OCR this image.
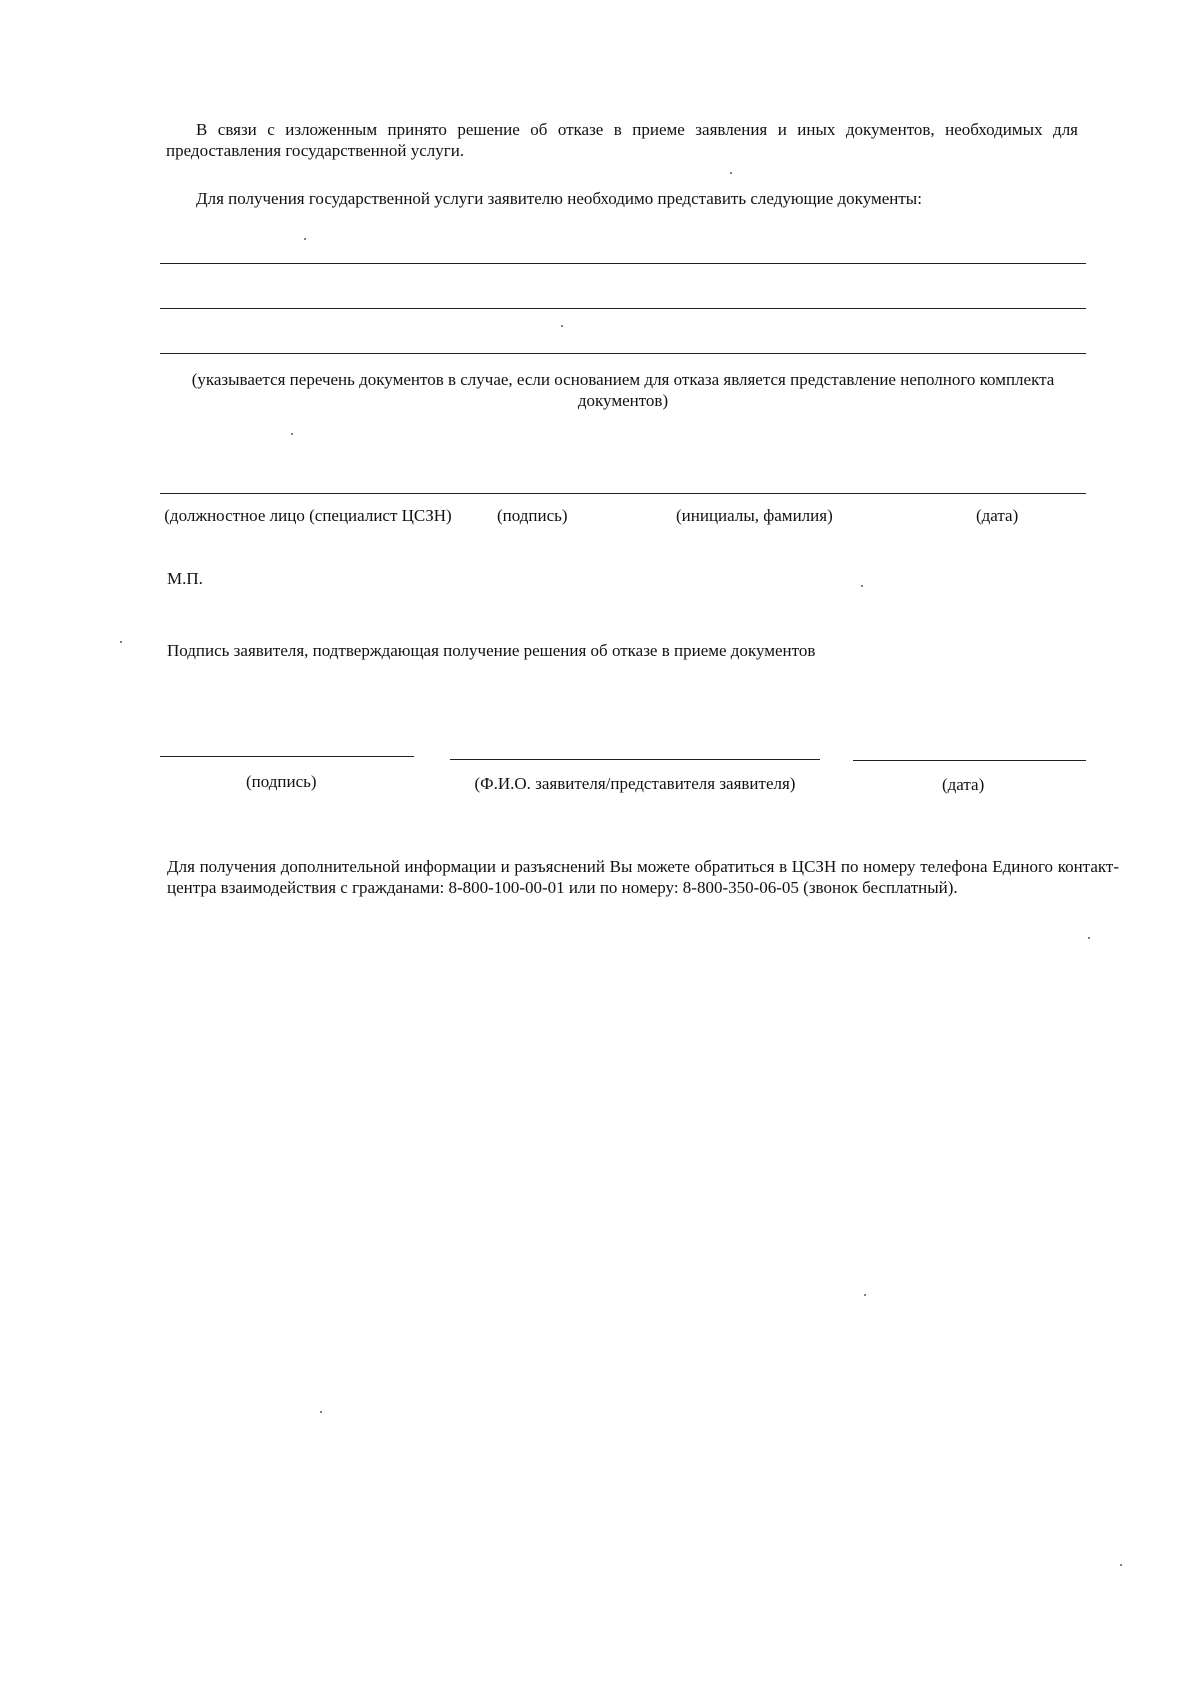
В связи с изложенным принято решение об отказе в приеме заявления и иных документов, необходимых для предоставления государственной услуги.
Для получения государственной услуги заявителю необходимо представить следующие документы:
(указывается перечень документов в случае, если основанием для отказа является представление неполного комплекта документов)
(должностное лицо (специалист ЦСЗН)	(подпись)	(инициалы, фамилия)	(дата)
М.П.
Подпись заявителя, подтверждающая получение решения об отказе в приеме документов
(подпись)	(Ф.И.О. заявителя/представителя заявителя)	(дата)
Для получения дополнительной информации и разъяснений Вы можете обратиться в ЦСЗН по номеру телефона Единого контакт-центра взаимодействия с гражданами: 8-800-100-00-01 или по номеру: 8-800-350-06-05 (звонок бесплатный).
